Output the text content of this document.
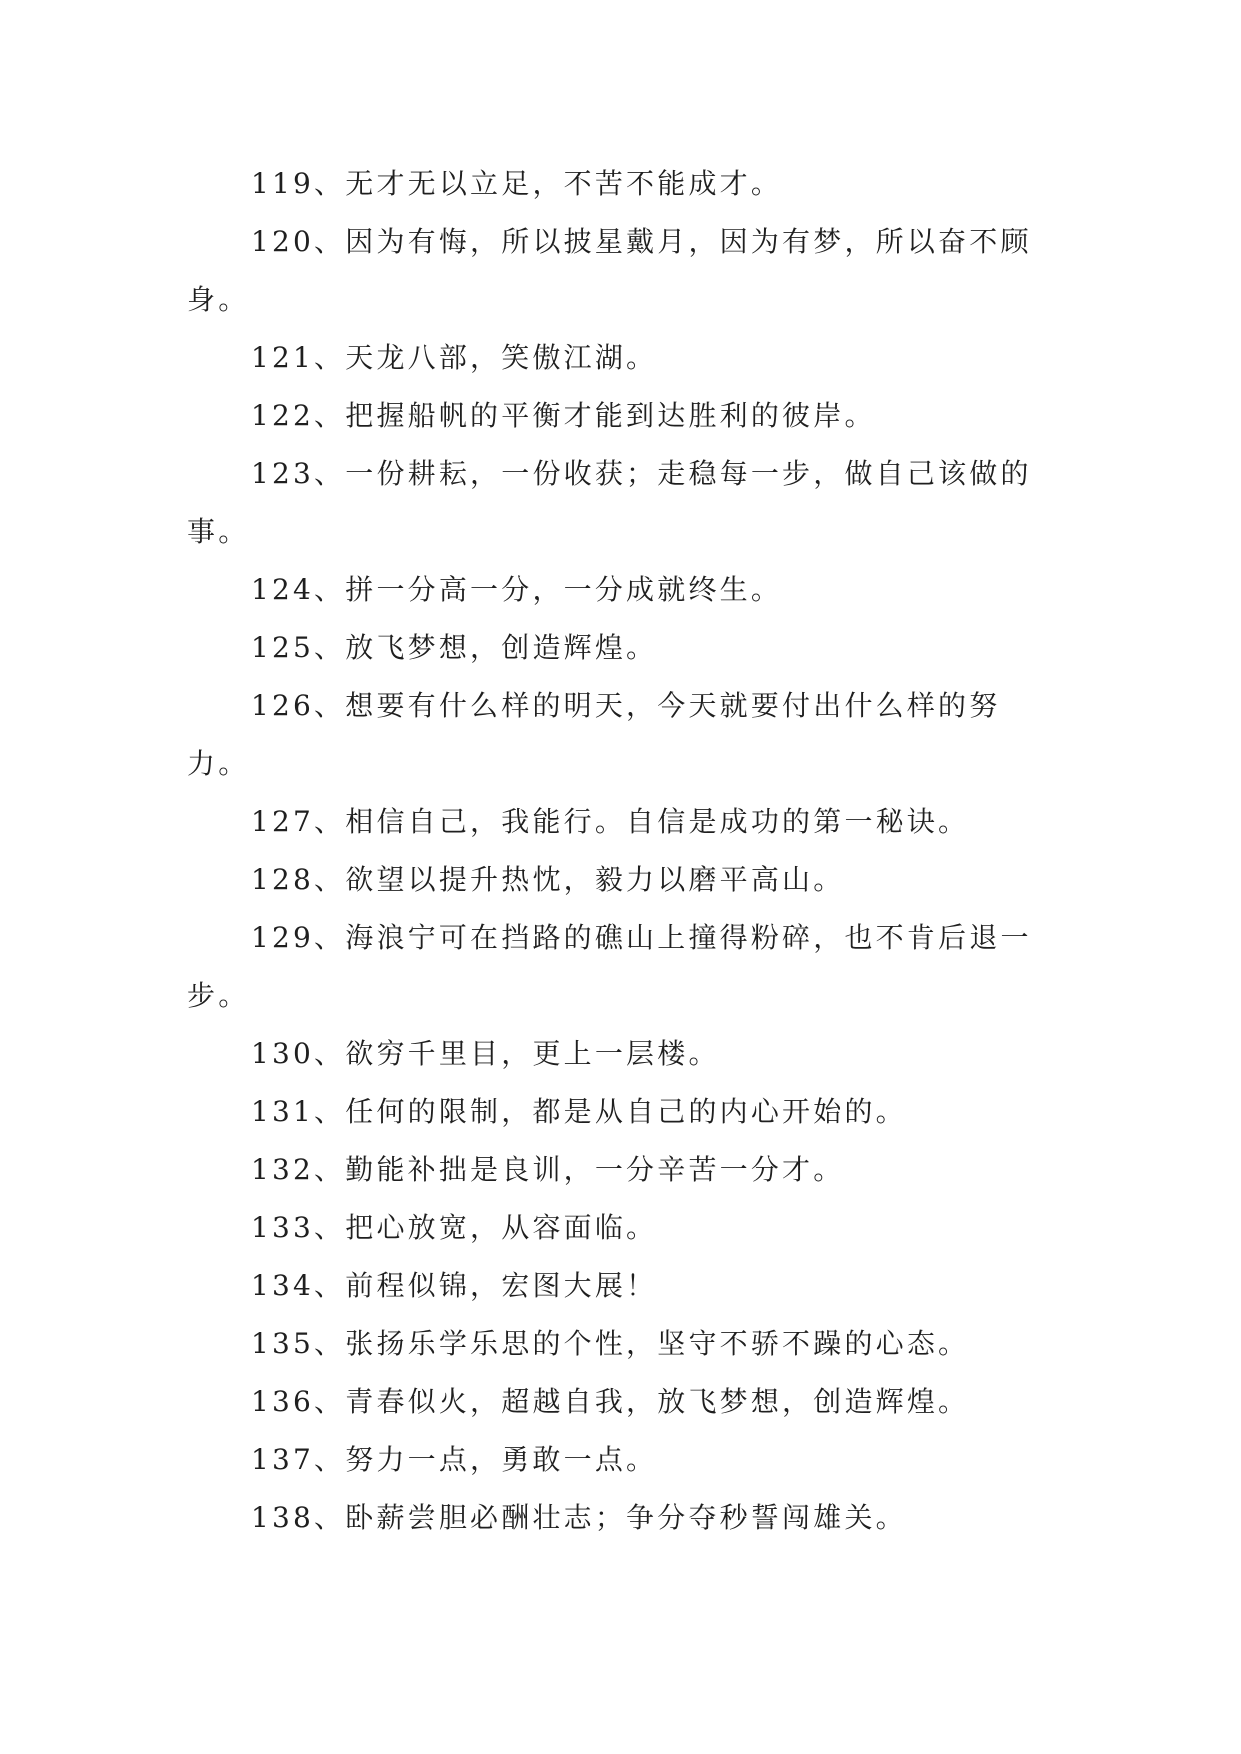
119、无才无以立足，不苦不能成才。

120、因为有悔，所以披星戴月，因为有梦，所以奋不顾身。

121、天龙八部，笑傲江湖。

122、把握船帆的平衡才能到达胜利的彼岸。

123、一份耕耘，一份收获；走稳每一步，做自己该做的事。

124、拼一分高一分，一分成就终生。

125、放飞梦想，创造辉煌。

126、想要有什么样的明天，今天就要付出什么样的努力。

127、相信自己，我能行。自信是成功的第一秘诀。

128、欲望以提升热忱，毅力以磨平高山。

129、海浪宁可在挡路的礁山上撞得粉碎，也不肯后退一步。

130、欲穷千里目，更上一层楼。

131、任何的限制，都是从自己的内心开始的。

132、勤能补拙是良训，一分辛苦一分才。

133、把心放宽，从容面临。

134、前程似锦，宏图大展！

135、张扬乐学乐思的个性，坚守不骄不躁的心态。

136、青春似火，超越自我，放飞梦想，创造辉煌。

137、努力一点，勇敢一点。

138、卧薪尝胆必酬壮志；争分夺秒誓闯雄关。
